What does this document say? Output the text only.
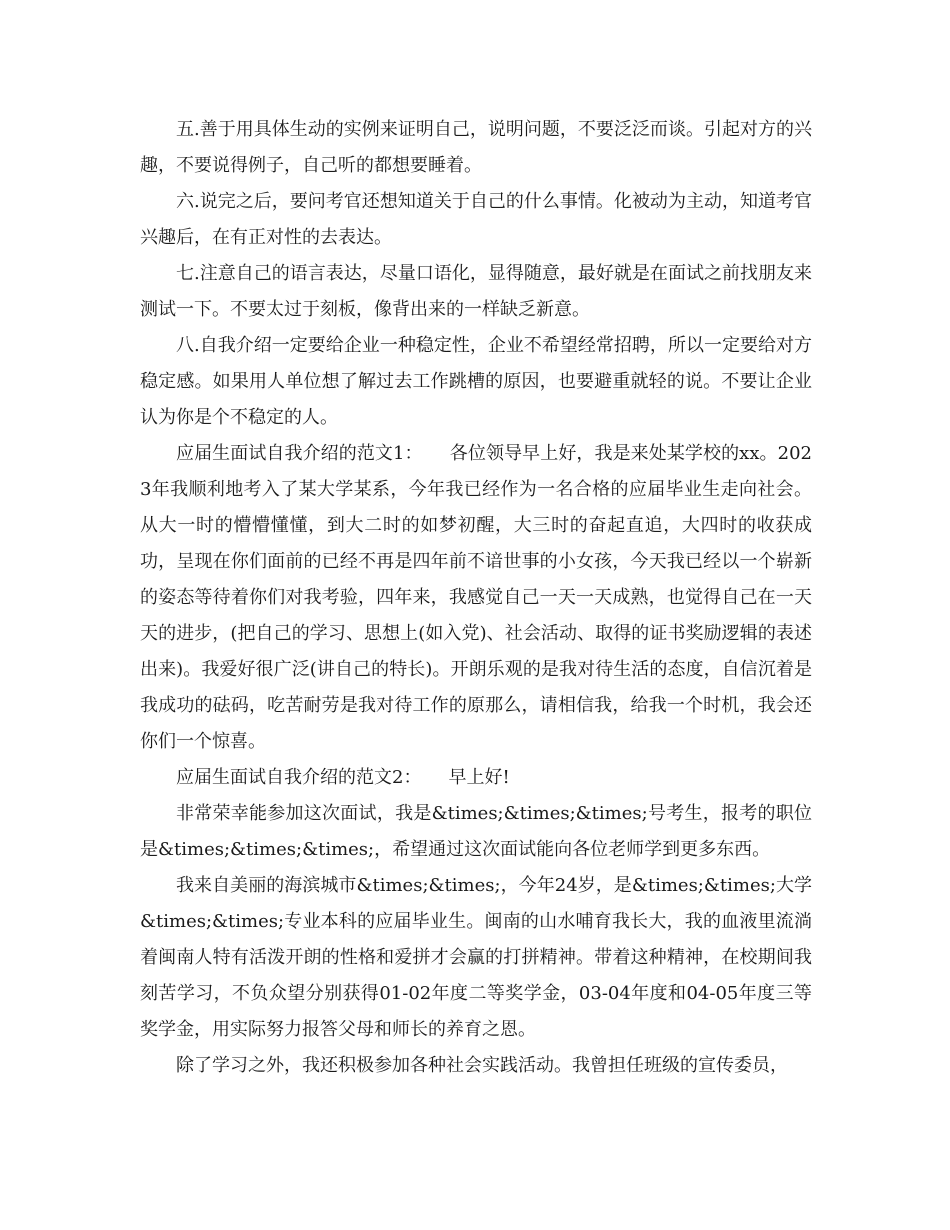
五.善于用具体生动的实例来证明自己，说明问题，不要泛泛而谈。引起对方的兴趣，不要说得例子，自己听的都想要睡着。

六.说完之后，要问考官还想知道关于自己的什么事情。化被动为主动，知道考官兴趣后，在有正对性的去表达。

七.注意自己的语言表达，尽量口语化，显得随意，最好就是在面试之前找朋友来测试一下。不要太过于刻板，像背出来的一样缺乏新意。

八.自我介绍一定要给企业一种稳定性，企业不希望经常招聘，所以一定要给对方稳定感。如果用人单位想了解过去工作跳槽的原因，也要避重就轻的说。不要让企业认为你是个不稳定的人。

应届生面试自我介绍的范文1：　　各位领导早上好，我是来处某学校的xx。2023年我顺利地考入了某大学某系，今年我已经作为一名合格的应届毕业生走向社会。从大一时的懵懵懂懂，到大二时的如梦初醒，大三时的奋起直追，大四时的收获成功，呈现在你们面前的已经不再是四年前不谙世事的小女孩，今天我已经以一个崭新的姿态等待着你们对我考验，四年来，我感觉自己一天一天成熟，也觉得自己在一天天的进步，(把自己的学习、思想上(如入党)、社会活动、取得的证书奖励逻辑的表述出来)。我爱好很广泛(讲自己的特长)。开朗乐观的是我对待生活的态度，自信沉着是我成功的砝码，吃苦耐劳是我对待工作的原那么，请相信我，给我一个时机，我会还你们一个惊喜。

应届生面试自我介绍的范文2：　　早上好!

非常荣幸能参加这次面试，我是&times;&times;&times;号考生，报考的职位是&times;&times;&times;，希望通过这次面试能向各位老师学到更多东西。

我来自美丽的海滨城市&times;&times;，今年24岁，是&times;&times;大学&times;&times;专业本科的应届毕业生。闽南的山水哺育我长大，我的血液里流淌着闽南人特有活泼开朗的性格和爱拼才会赢的打拼精神。带着这种精神，在校期间我刻苦学习，不负众望分别获得01-02年度二等奖学金，03-04年度和04-05年度三等奖学金，用实际努力报答父母和师长的养育之恩。

除了学习之外，我还积极参加各种社会实践活动。我曾担任班级的宣传委员，
